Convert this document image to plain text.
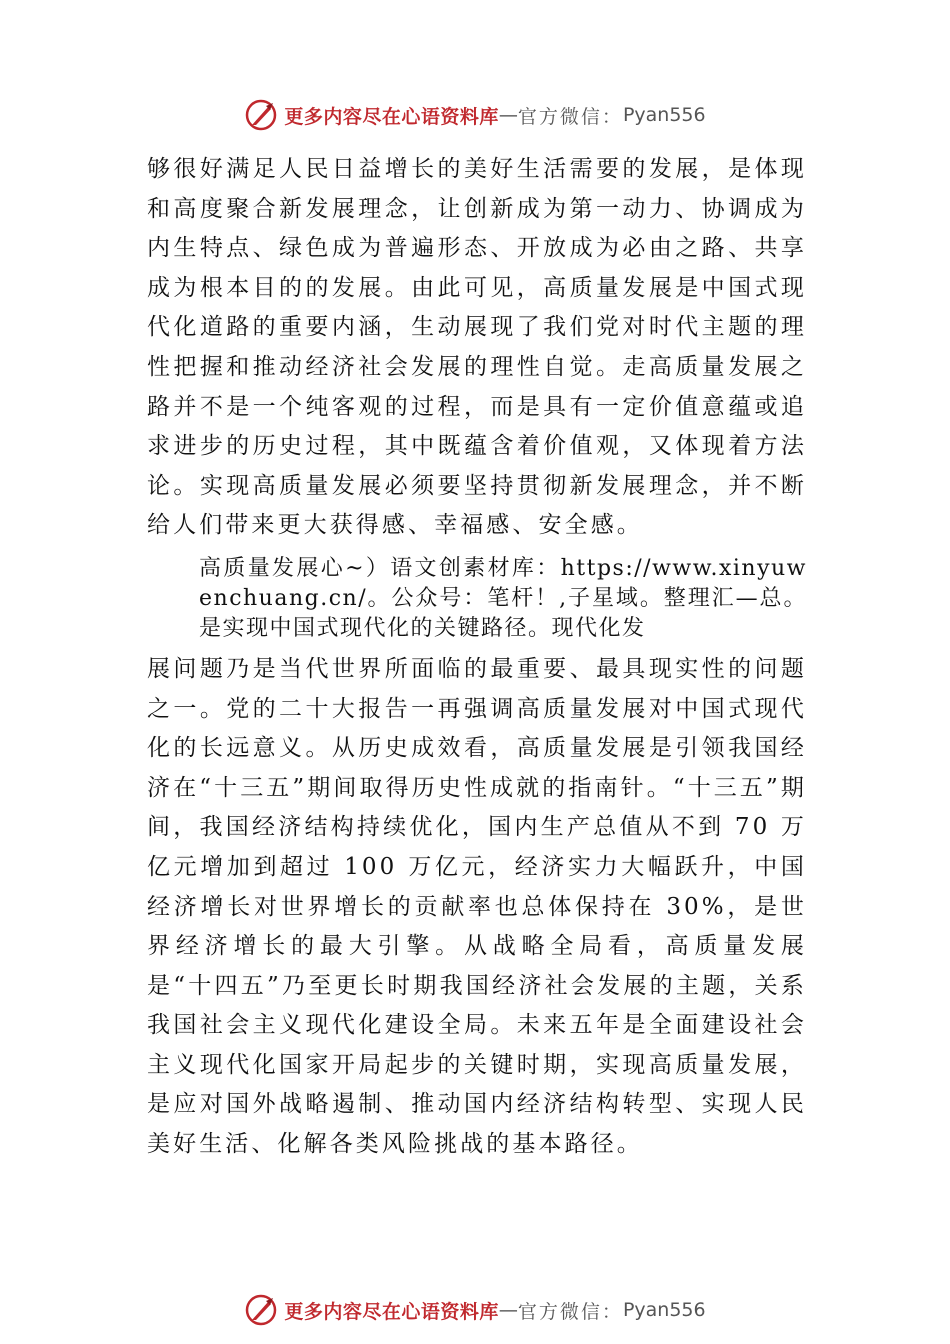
更多内容尽在心语资料库 — 官方微信： Pyan556

够很好满足人民日益增长的美好生活需要的发展，是体现和高度聚合新发展理念，让创新成为第一动力、协调成为内生特点、绿色成为普遍形态、开放成为必由之路、共享成为根本目的的发展。由此可见，高质量发展是中国式现代化道路的重要内涵，生动展现了我们党对时代主题的理性把握和推动经济社会发展的理性自觉。走高质量发展之路并不是一个纯客观的过程，而是具有一定价值意蕴或追求进步的历史过程，其中既蕴含着价值观，又体现着方法论。实现高质量发展必须要坚持贯彻新发展理念，并不断给人们带来更大获得感、幸福感、安全感。

高质量发展心~）语文创素材库：https://www.xinyuwenchuang.cn/。公众号：笔杆！,子星域。整理汇—总。是实现中国式现代化的关键路径。现代化发

展问题乃是当代世界所面临的最重要、最具现实性的问题之一。党的二十大报告一再强调高质量发展对中国式现代化的长远意义。从历史成效看，高质量发展是引领我国经济在“十三五”期间取得历史性成就的指南针。“十三五”期间，我国经济结构持续优化，国内生产总值从不到 70 万亿元增加到超过 100 万亿元，经济实力大幅跃升，中国经济增长对世界增长的贡献率也总体保持在 30%，是世界经济增长的最大引擎。从战略全局看，高质量发展是“十四五”乃至更长时期我国经济社会发展的主题，关系我国社会主义现代化建设全局。未来五年是全面建设社会主义现代化国家开局起步的关键时期，实现高质量发展，是应对国外战略遏制、推动国内经济结构转型、实现人民美好生活、化解各类风险挑战的基本路径。

更多内容尽在心语资料库 — 官方微信： Pyan556
